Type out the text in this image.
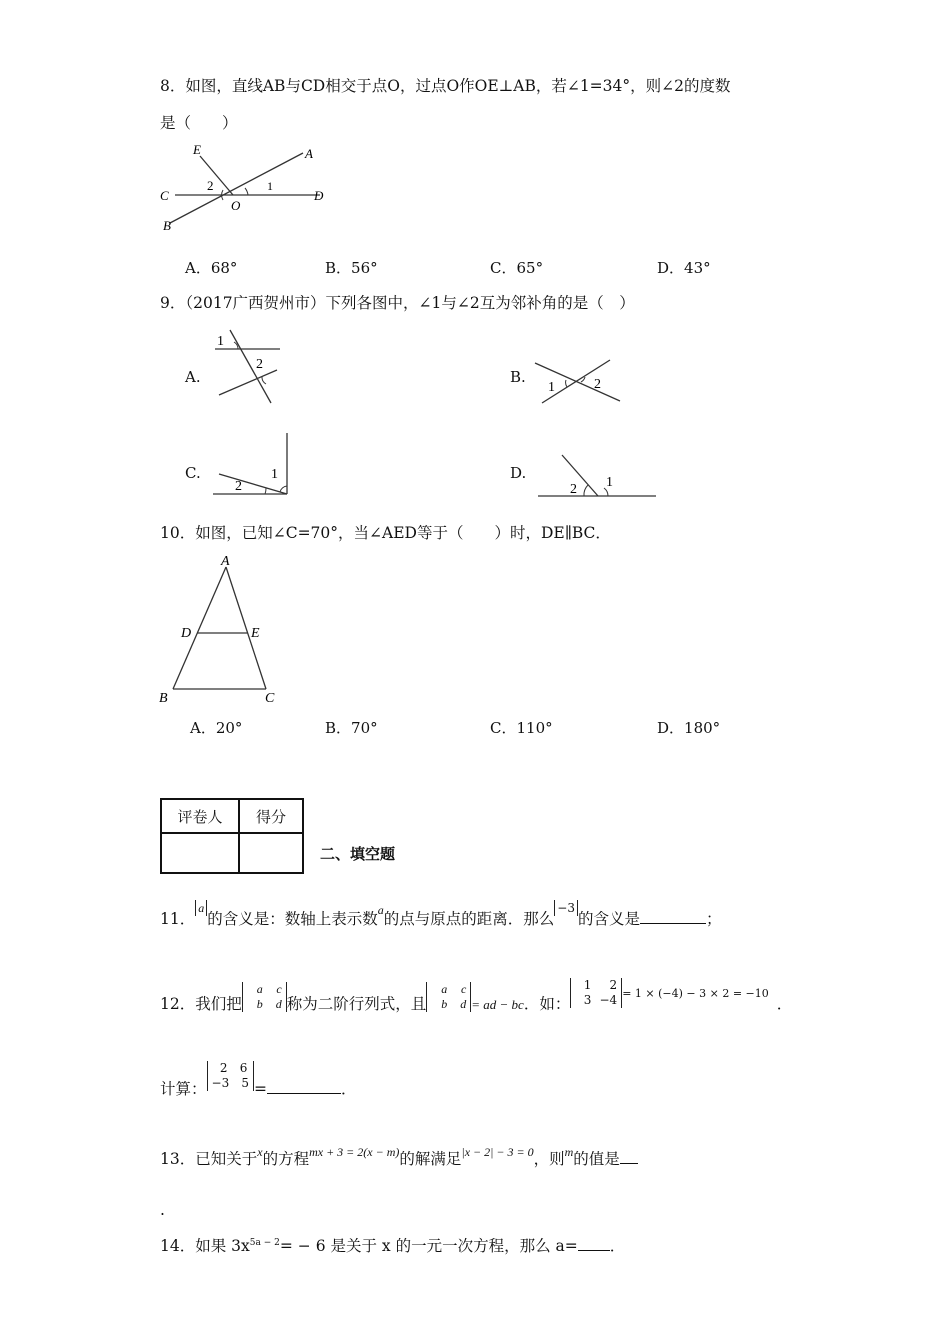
8．如图，直线AB与CD相交于点O，过点O作OE⊥AB，若∠1=34°，则∠2的度数
是（　　）
E	A
C	D
B
O
2	1
A．68°	B．56°	C．65°	D．43°
9．（2017广西贺州市）下列各图中，∠1与∠2互为邻补角的是（　）
A.
1
2
B.
1	2
C.
2
1	D.
2 1
10．如图，已知∠C=70°，当∠AED等于（　　）时，DE∥BC．
A
D	E
B	C
A．20°	B．70°	C．110°	D．180°
评卷人	得分

二、填空题
11．a的含义是：数轴上表示数$^a$的点与原点的距离．那么−3的含义是	；
12．我们把a c
b d 称为二阶行列式，且a c
b d = ad − bc．如：1 2
3 −4 $^{= 1 \times (-4) - 3 \times 2 = -10}$．
计算：2 6
−3 5 =	．
13．已知关于$^x$的方程$^{mx + 3 = 2(x - m)}$的解满足$^{|x - 2| - 3 = 0}$，则$^m$的值是
.
14．如果 $3x^{5a - 2}= - 6$ 是关于 x 的一元一次方程，那么 a= ．
